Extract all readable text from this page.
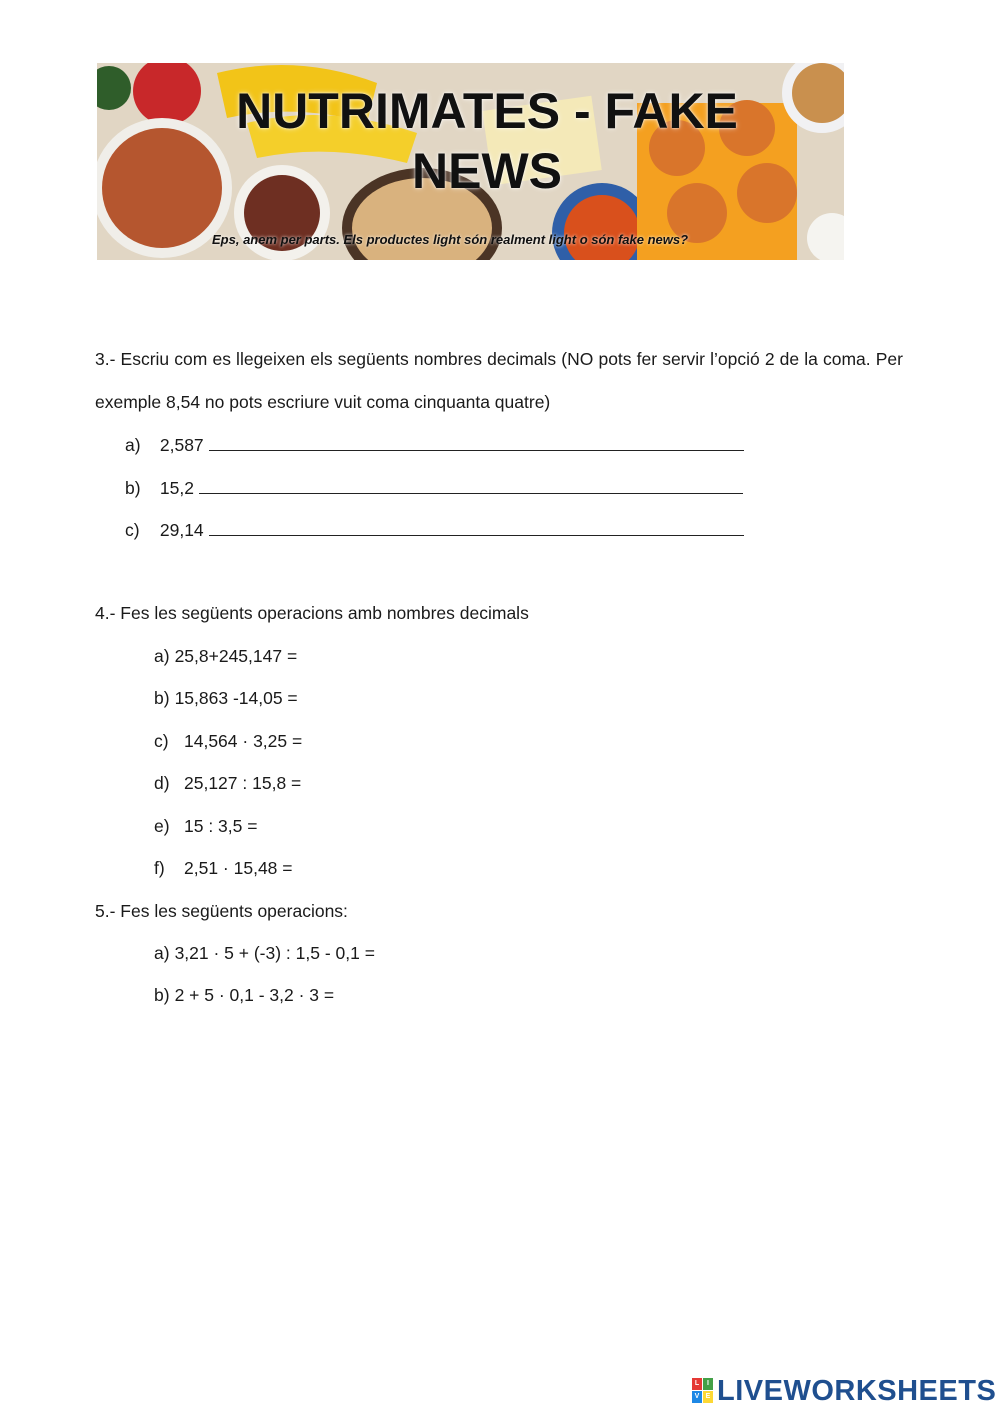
NUTRIMATES - FAKE
NEWS
Eps, anem per parts. Els productes light són realment light o són fake news?
3.- Escriu com es llegeixen els següents nombres decimals (NO pots fer servir l’opció 2 de la coma. Per exemple 8,54 no pots escriure vuit coma cinquanta quatre)
a) 2,587
b) 15,2
c) 29,14
4.- Fes les següents operacions amb nombres decimals
a) 25,8+245,147 =
b) 15,863 -14,05 =
c) 14,564 · 3,25 =
d) 25,127 : 15,8 =
e) 15 : 3,5 =
f) 2,51 · 15,48 =
5.- Fes les següents operacions:
a) 3,21 · 5 + (-3) : 1,5 - 0,1 =
b) 2 + 5 · 0,1 - 3,2 · 3 =
L	I
V E LIVEWORKSHEETS
